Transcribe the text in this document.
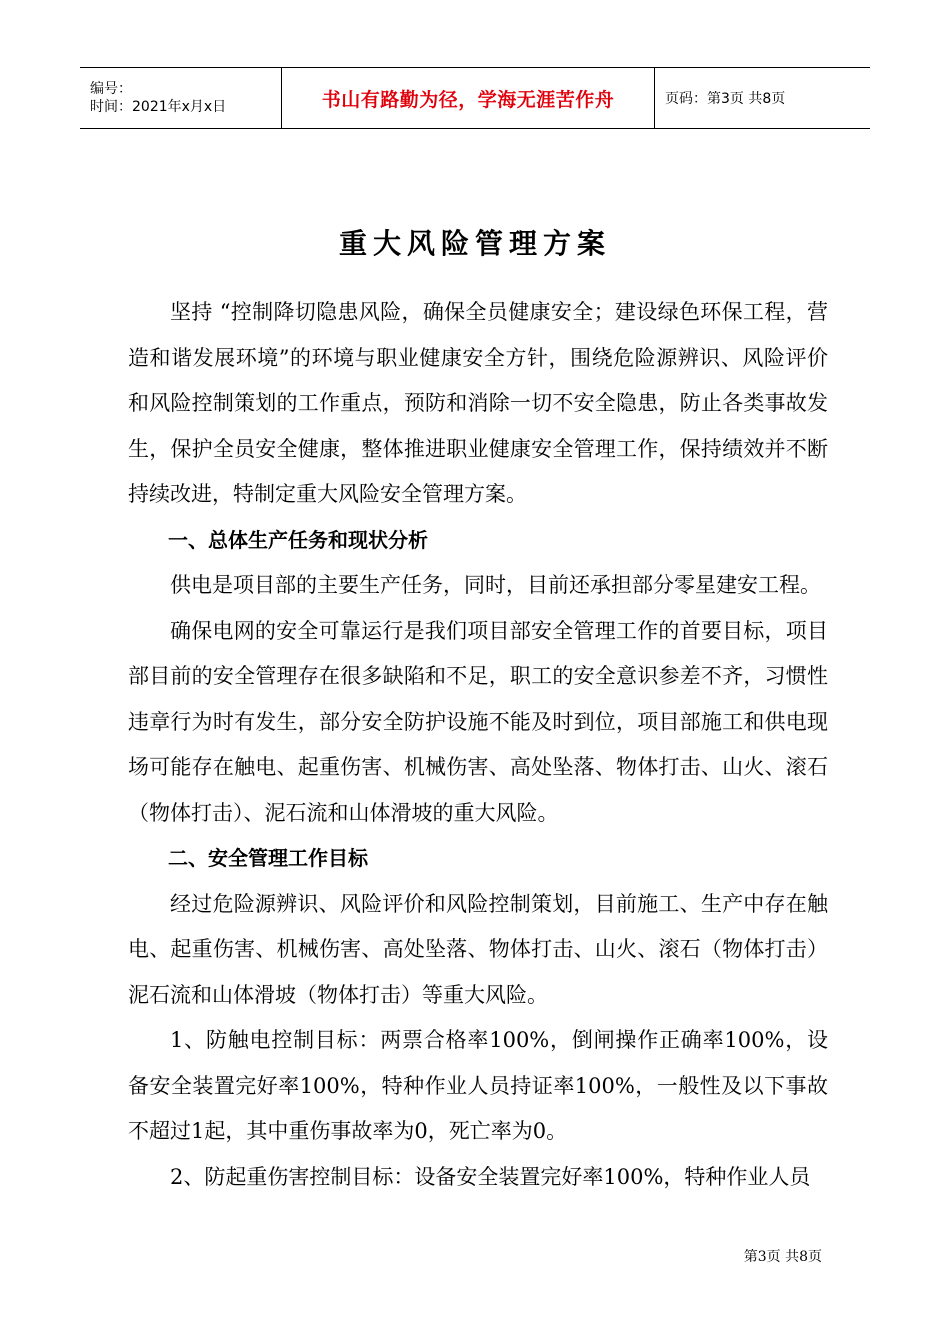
编号：
时间：2021年x月x日	书山有路勤为径，学海无涯苦作舟	页码：第3页 共8页
重大风险管理方案

坚持 “控制降切隐患风险，确保全员健康安全；建设绿色环保工程，营造和谐发展环境”的环境与职业健康安全方针，围绕危险源辨识、风险评价和风险控制策划的工作重点，预防和消除一切不安全隐患，防止各类事故发生，保护全员安全健康，整体推进职业健康安全管理工作，保持绩效并不断持续改进，特制定重大风险安全管理方案。

一、总体生产任务和现状分析

供电是项目部的主要生产任务，同时，目前还承担部分零星建安工程。

确保电网的安全可靠运行是我们项目部安全管理工作的首要目标，项目部目前的安全管理存在很多缺陷和不足，职工的安全意识参差不齐，习惯性违章行为时有发生，部分安全防护设施不能及时到位，项目部施工和供电现场可能存在触电、起重伤害、机械伤害、高处坠落、物体打击、山火、滚石（物体打击）、泥石流和山体滑坡的重大风险。

二、安全管理工作目标

经过危险源辨识、风险评价和风险控制策划，目前施工、生产中存在触电、起重伤害、机械伤害、高处坠落、物体打击、山火、滚石（物体打击）泥石流和山体滑坡（物体打击）等重大风险。

1、防触电控制目标：两票合格率100%，倒闸操作正确率100%，设备安全装置完好率100%，特种作业人员持证率100%，一般性及以下事故不超过1起，其中重伤事故率为0，死亡率为0。

2、防起重伤害控制目标：设备安全装置完好率100%，特种作业人员

第3页 共8页
